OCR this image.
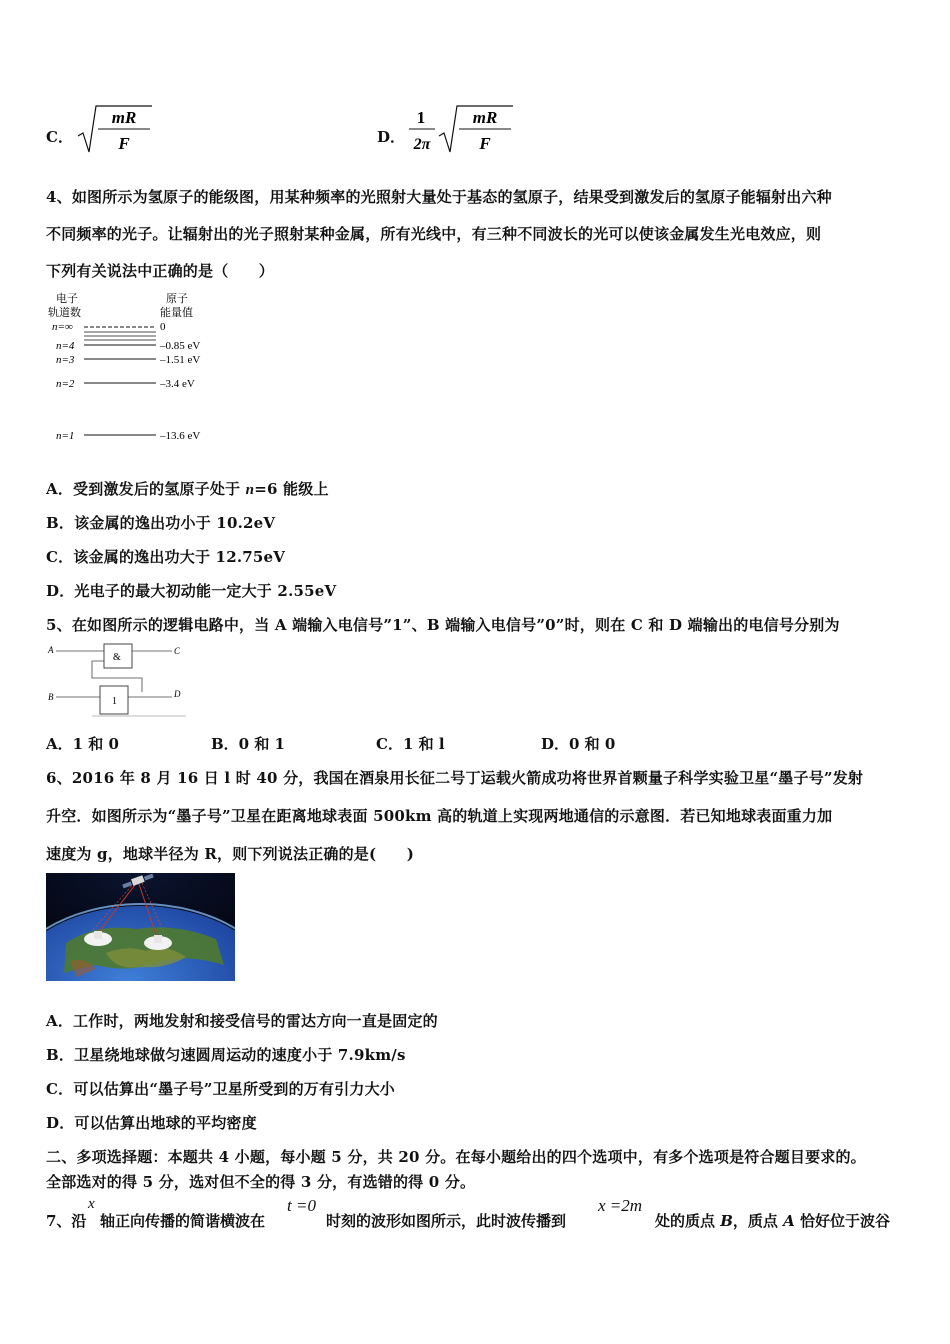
C．
mR
F	D．
1
2π
mR
F
4、如图所示为氢原子的能级图，用某种频率的光照射大量处于基态的氢原子，结果受到激发后的氢原子能辐射出六种
不同频率的光子。让辐射出的光子照射某种金属，所有光线中，有三种不同波长的光可以使该金属发生光电效应，则
下列有关说法中正确的是（　　）
电子
轨道数
原子
能量值
n=∞	0
n=4	–0.85 eV
n=3	–1.51 eV
n=2	–3.4 eV
n=1	–13.6 eV
A．受到激发后的氢原子处于 n=6 能级上
B．该金属的逸出功小于 10.2eV
C．该金属的逸出功大于 12.75eV
D．光电子的最大初动能一定大于 2.55eV
5、在如图所示的逻辑电路中，当 A 端输入电信号”1”、B 端输入电信号”0”时，则在 C 和 D 端输出的电信号分别为
A
&
C
B	1
D
A．1 和 0	B．0 和 1	C．1 和 l	D．0 和 0
6、2016 年 8 月 16 日 l 时 40 分，我国在酒泉用长征二号丁运载火箭成功将世界首颗量子科学实验卫星“墨子号”发射
升空．如图所示为“墨子号”卫星在距离地球表面 500km 高的轨道上实现两地通信的示意图．若已知地球表面重力加
速度为 g，地球半径为 R，则下列说法正确的是(　　)
A．工作时，两地发射和接受信号的雷达方向一直是固定的
B．卫星绕地球做匀速圆周运动的速度小于 7.9km/s
C．可以估算出“墨子号”卫星所受到的万有引力大小
D．可以估算出地球的平均密度
二、多项选择题：本题共 4 小题，每小题 5 分，共 20 分。在每小题给出的四个选项中，有多个选项是符合题目要求的。
全部选对的得 5 分，选对但不全的得 3 分，有选错的得 0 分。
7、沿
x
轴正向传播的简谐横波在
t =0
时刻的波形如图所示，此时波传播到
x =2m
处的质点 B，质点 A 恰好位于波谷
